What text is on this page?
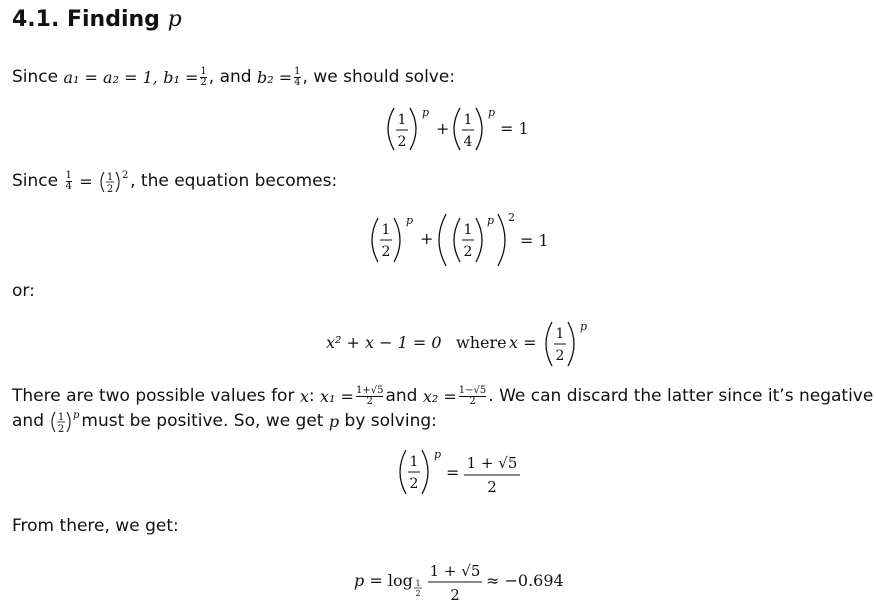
4.1. Finding p
Since
a₁ = a₂ = 1,
$b_1 = \frac{1}{2}$ , and
$b_2 = \frac{1}{4}$ , we should solve:
1
2
p
+ 1
4
p
= 1
Since
$\frac{1}{4}$
=
1
2
2 , the equation becomes:
1
2
p
+ 1
2
p 2
= 1
or:
x² + x − 1 = 0 where x = 1
2
p
There are two possible values for
x :
$x_1 = \frac{1+√5}{2}$ and
$x_2 = \frac{1-√5}{2}$ . We can discard the latter since it’s negative
and
1
2
p must be positive. So, we get
p
by solving:
1
2
p
= 1 + √5
2
From there, we get:
p = log 1
2
1 + √5
2
≈ −0.694
